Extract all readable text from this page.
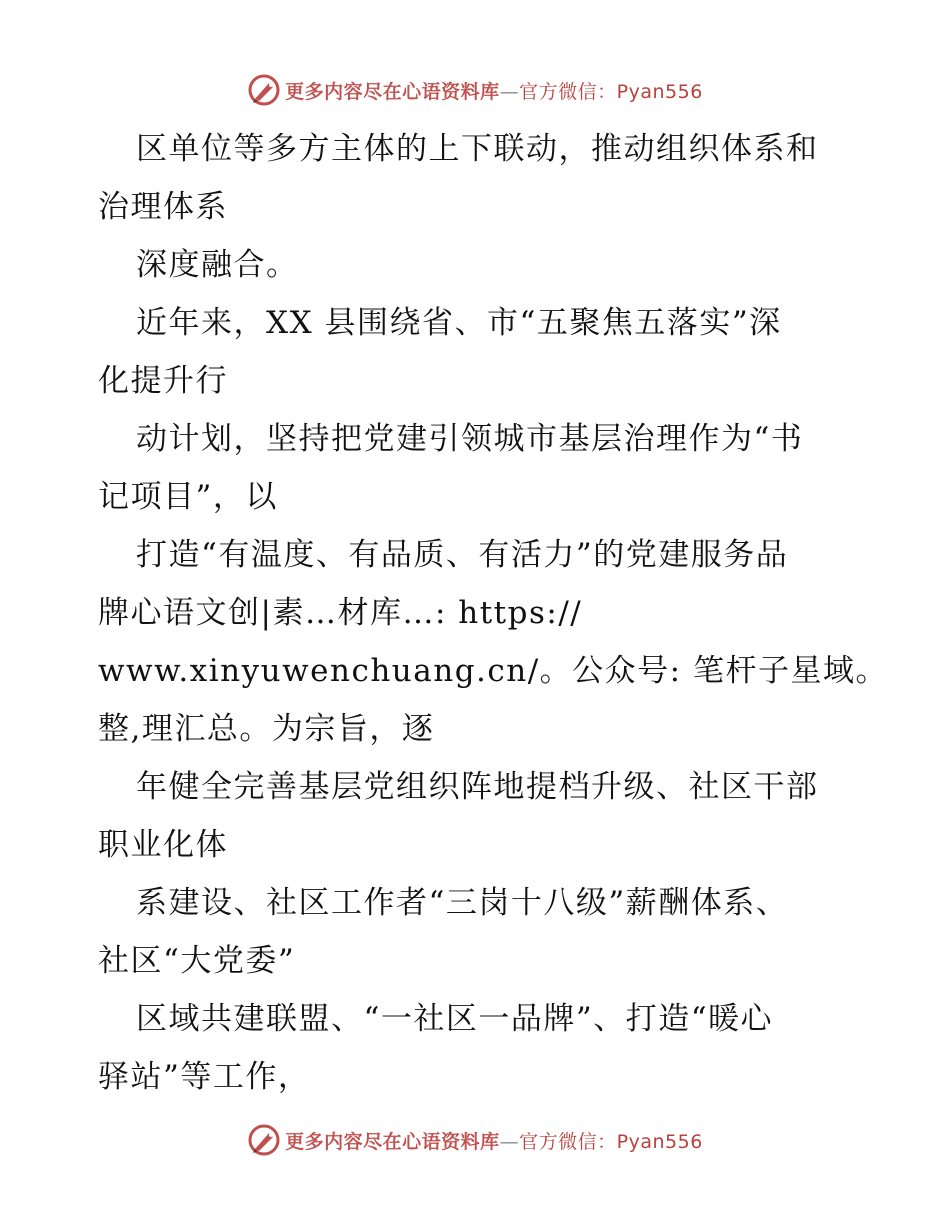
更多内容尽在心语资料库—官方微信：Pyan556
区单位等多方主体的上下联动，推动组织体系和
治理体系
深度融合。
近年来，XX 县围绕省、市“五聚焦五落实”深
化提升行
动计划，坚持把党建引领城市基层治理作为“书
记项目”，以
打造“有温度、有品质、有活力”的党建服务品
牌心语文创|素…材库…: https://
www.xinyuwenchuang.cn/。公众号: 笔杆子星域。
整,理汇总。为宗旨，逐
年健全完善基层党组织阵地提档升级、社区干部
职业化体
系建设、社区工作者“三岗十八级”薪酬体系、
社区“大党委”
区域共建联盟、“一社区一品牌”、打造“暖心
驿站”等工作，
更多内容尽在心语资料库—官方微信：Pyan556
